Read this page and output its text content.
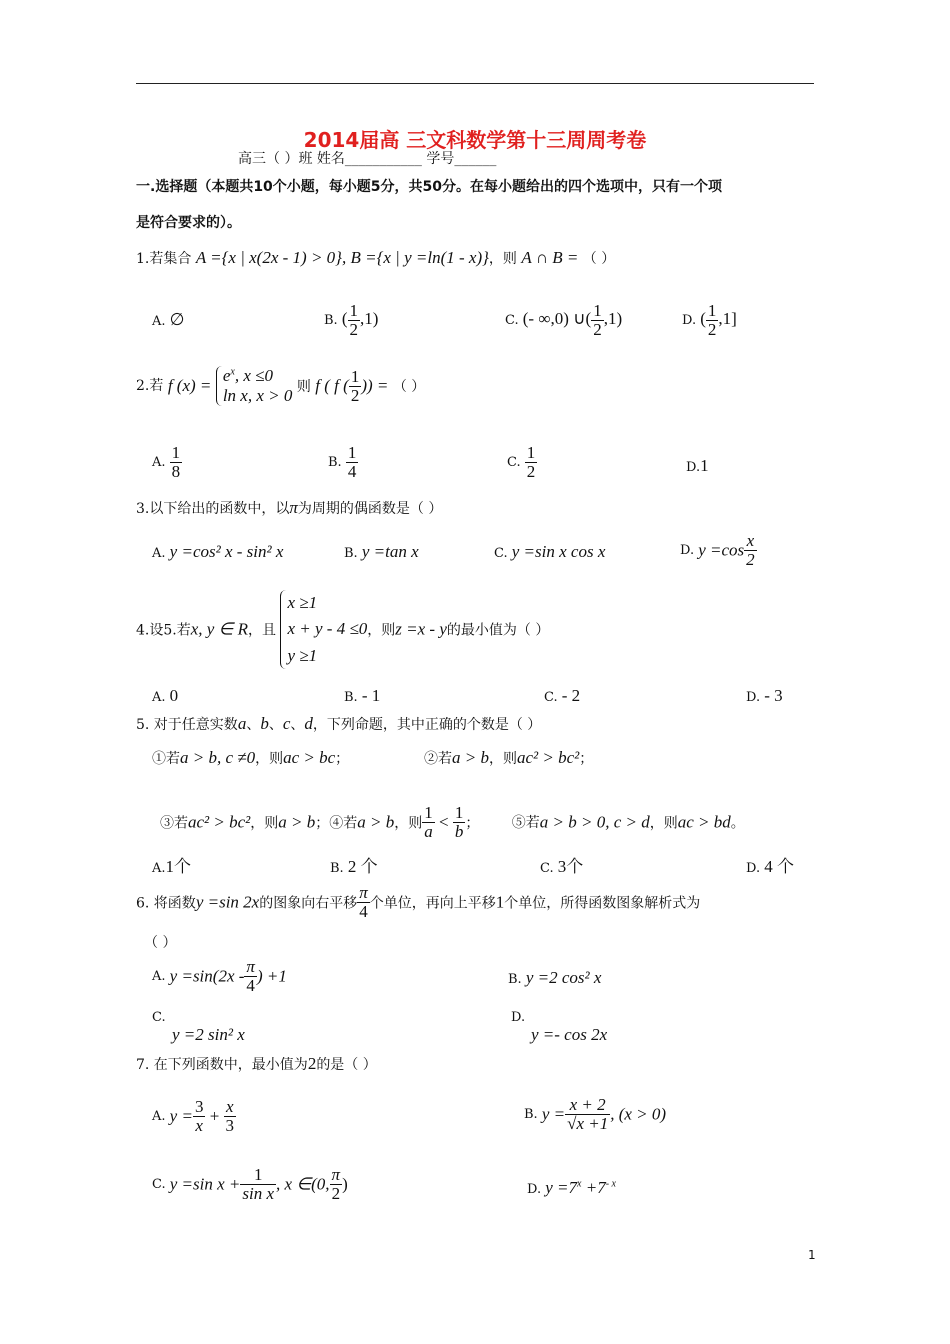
2014届高 三文科数学第十三周周考卷
高三（ ）班 姓名___________ 学号______
一.选择题（本题共10个小题，每小题5分，共50分。在每小题给出的四个选项中，只有一个项
是符合要求的）。
1.若集合 A ={x | x(2x - 1) > 0}, B ={x | y =ln(1 - x)}，则 A ∩ B = （ ）
A. ∅	B. ( $\frac{1}{2} ,1$)	C. (- ∞,0) ∪( $\frac{1}{2} ,1$)	D. ( $\frac{1}{2} ,1$]
2.若 f (x) =
$e^x$, x ≤0
ln x, x > 0 则 f ( f ( $\frac{1}{2}$ )) = （ ）
A. $\frac{1}{8}$	B. $\frac{1}{4}$	C. $\frac{1}{2}$	D.1
3.以下给出的函数中，以π为周期的偶函数是（ ）
A. y =cos² x - sin² x	B. y =tan x	C. y =sin x cos x	D. $y =\cos \frac{x}{2}$
4.设5.若x, y ∈ R，且
x ≥1
x + y - 4 ≤0
y ≥1
，则z =x - y的最小值为（ ）
A. 0	B. - 1	C. - 2	D. - 3
5. 对于任意实数a、b、c、d，下列命题，其中正确的个数是（ ）
①若a > b, c ≠0，则ac > bc；	②若a > b，则ac² > bc²；
③若ac² > bc²，则a > b；④若a > b，则 $\frac{1}{a} < \frac{1}{b}$ ； ⑤若a > b > 0, c > d，则ac > bd。
A.1个	B. 2 个	C. 3个	D. 4 个
6. 将函数y =sin 2x的图象向右平移 $\frac{\pi}{4}$ 个单位，再向上平移1个单位，所得函数图象解析式为
（ ）
A. $y =\sin(2x - \frac{\pi}{4}$ ) +1	B. y =2 cos² x
C.
y =2 sin² x
D.
y =- cos 2x
7. 在下列函数中，最小值为2的是（ ）
A. $y = \frac{3}{x} + \frac{x}{3}$	B. $y = \frac{x + 2}{√x +1}$ , (x > 0)
C. y =sin $x + \frac{1}{\text{sin x}}$ , x ∈(0, $\frac{\pi}{2}$ )	D. $y =7^x +7^{- x}$
1
